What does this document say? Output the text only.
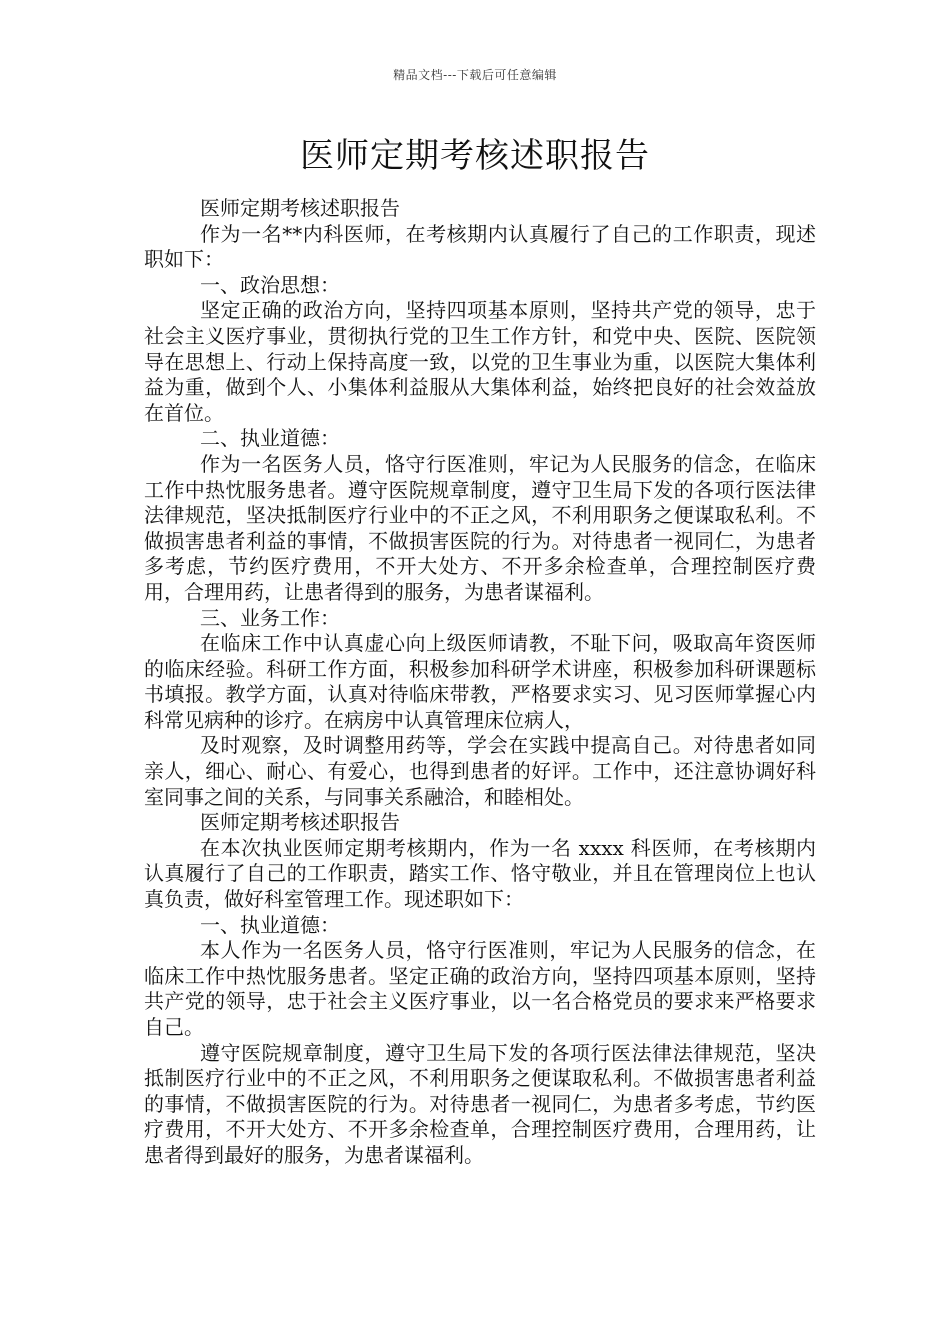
精品文档---下载后可任意编辑
医师定期考核述职报告

医师定期考核述职报告

作为一名**内科医师，在考核期内认真履行了自己的工作职责，现述职如下：

一、政治思想：

坚定正确的政治方向，坚持四项基本原则，坚持共产党的领导，忠于社会主义医疗事业，贯彻执行党的卫生工作方针，和党中央、医院、医院领导在思想上、行动上保持高度一致，以党的卫生事业为重，以医院大集体利益为重，做到个人、小集体利益服从大集体利益，始终把良好的社会效益放在首位。

二、执业道德：

作为一名医务人员，恪守行医准则，牢记为人民服务的信念，在临床工作中热忱服务患者。遵守医院规章制度，遵守卫生局下发的各项行医法律法律规范，坚决抵制医疗行业中的不正之风，不利用职务之便谋取私利。不做损害患者利益的事情，不做损害医院的行为。对待患者一视同仁，为患者多考虑，节约医疗费用，不开大处方、不开多余检查单，合理控制医疗费用，合理用药，让患者得到的服务，为患者谋福利。

三、业务工作：

在临床工作中认真虚心向上级医师请教，不耻下问，吸取高年资医师的临床经验。科研工作方面，积极参加科研学术讲座，积极参加科研课题标书填报。教学方面，认真对待临床带教，严格要求实习、见习医师掌握心内科常见病种的诊疗。在病房中认真管理床位病人，

及时观察，及时调整用药等，学会在实践中提高自己。对待患者如同亲人，细心、耐心、有爱心，也得到患者的好评。工作中，还注意协调好科室同事之间的关系，与同事关系融洽，和睦相处。

医师定期考核述职报告

在本次执业医师定期考核期内，作为一名 xxxx 科医师，在考核期内认真履行了自己的工作职责，踏实工作、恪守敬业，并且在管理岗位上也认真负责，做好科室管理工作。现述职如下：

一、执业道德：

本人作为一名医务人员，恪守行医准则，牢记为人民服务的信念，在临床工作中热忱服务患者。坚定正确的政治方向，坚持四项基本原则，坚持共产党的领导，忠于社会主义医疗事业，以一名合格党员的要求来严格要求自己。

遵守医院规章制度，遵守卫生局下发的各项行医法律法律规范，坚决抵制医疗行业中的不正之风，不利用职务之便谋取私利。不做损害患者利益的事情，不做损害医院的行为。对待患者一视同仁，为患者多考虑，节约医疗费用，不开大处方、不开多余检查单，合理控制医疗费用，合理用药，让患者得到最好的服务，为患者谋福利。
